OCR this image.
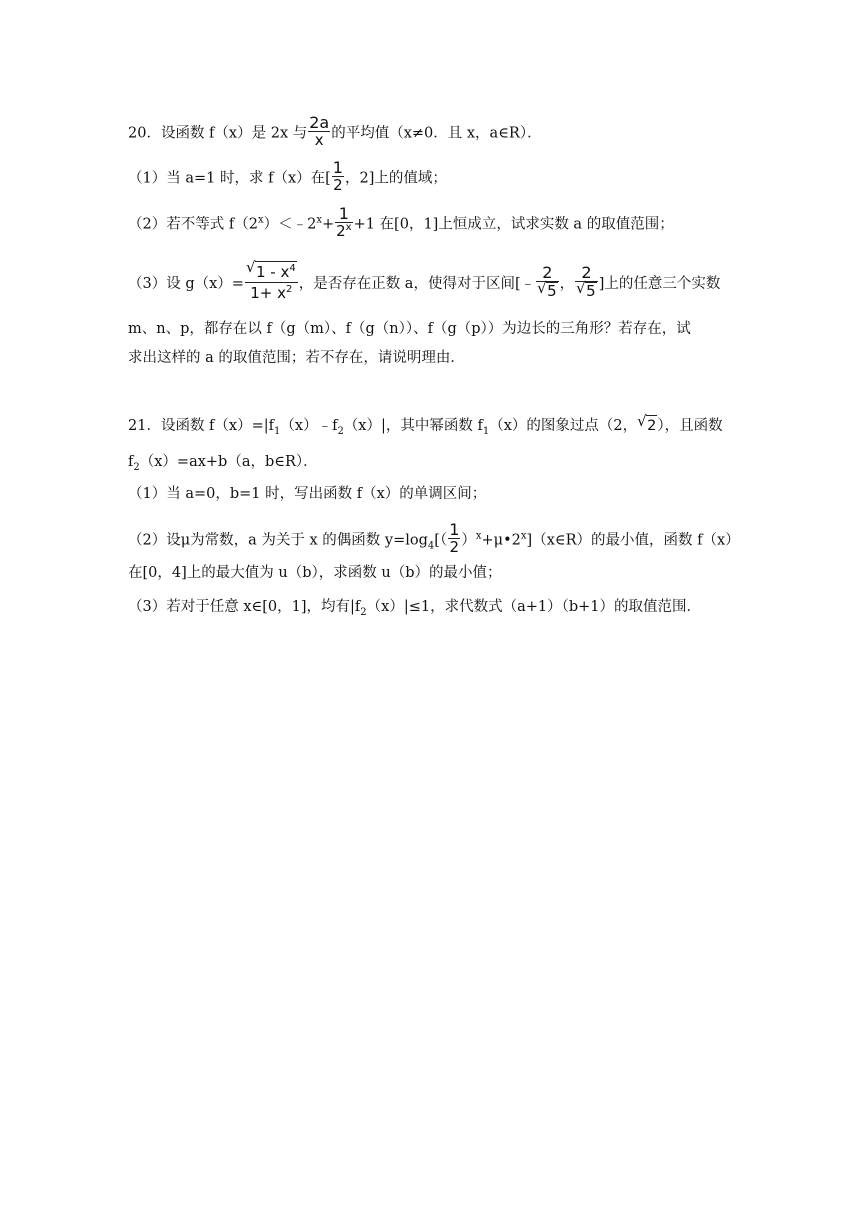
20．设函数 f（x）是 2x 与 $\frac{2a}{x}$ 的平均值（x≠0．且 x，a∈R）．
（1）当 a=1 时，求 f（x）在[ $\frac{1}{2}$ ，2]上的值域；
（2）若不等式 $f(2^x)<﹣2^x+ \frac{1}{2^x} +1$ 在[0，1]上恒成立，试求实数 a 的取值范围；
（3）设 $g(x)= \frac{√ 1 - x^4}{1+ x^2}$ ，是否存在正数 a，使得对于区间[﹣ $\frac{2}{√ 5}$ ， $\frac{2}{√ 5}$ ]上的任意三个实数
m、n、p，都存在以 f（g（m）、f（g（n））、f（g（p））为边长的三角形？若存在，试
求出这样的 a 的取值范围；若不存在，请说明理由．
21．设函数 $f(x)=|f_1(x)﹣f_2(x)|$，其中幂函数 $f_1(x)$的图象过点（2， √ 2），且函数
$f_2(x)=ax+b(a$，b∈R）．
（1）当 a=0，b=1 时，写出函数 f（x）的单调区间；
（2）设μ为常数，a 为关于 x 的偶函数 $y=\log_4[( \frac{1}{2}$ ）$^x+\mu•2^x](x\in R)$的最小值，函数 f（x）
在[0，4]上的最大值为 u（b），求函数 u（b）的最小值；
（3）若对于任意 x∈[0，1]，均有$|f_2(x)|\le 1$，求代数式（a+1）（b+1）的取值范围．
